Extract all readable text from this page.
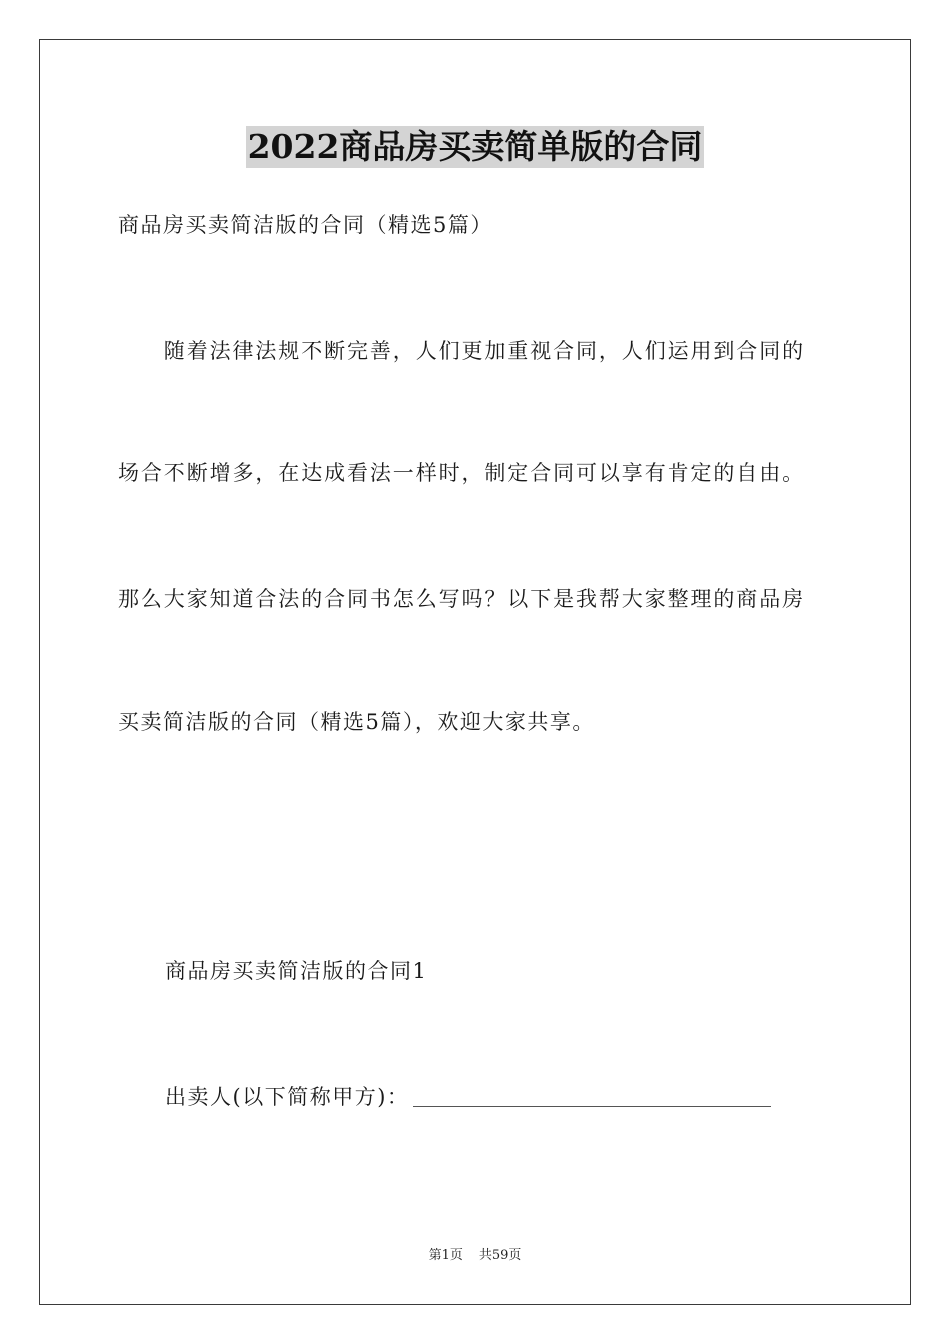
2022商品房买卖简单版的合同
商品房买卖简洁版的合同（精选5篇）
　　随着法律法规不断完善，人们更加重视合同，人们运用到合同的
场合不断增多，在达成看法一样时，制定合同可以享有肯定的自由。
那么大家知道合法的合同书怎么写吗？以下是我帮大家整理的商品房
买卖简洁版的合同（精选5篇），欢迎大家共享。
商品房买卖简洁版的合同1
出卖人(以下简称甲方)：
第1页 共59页
